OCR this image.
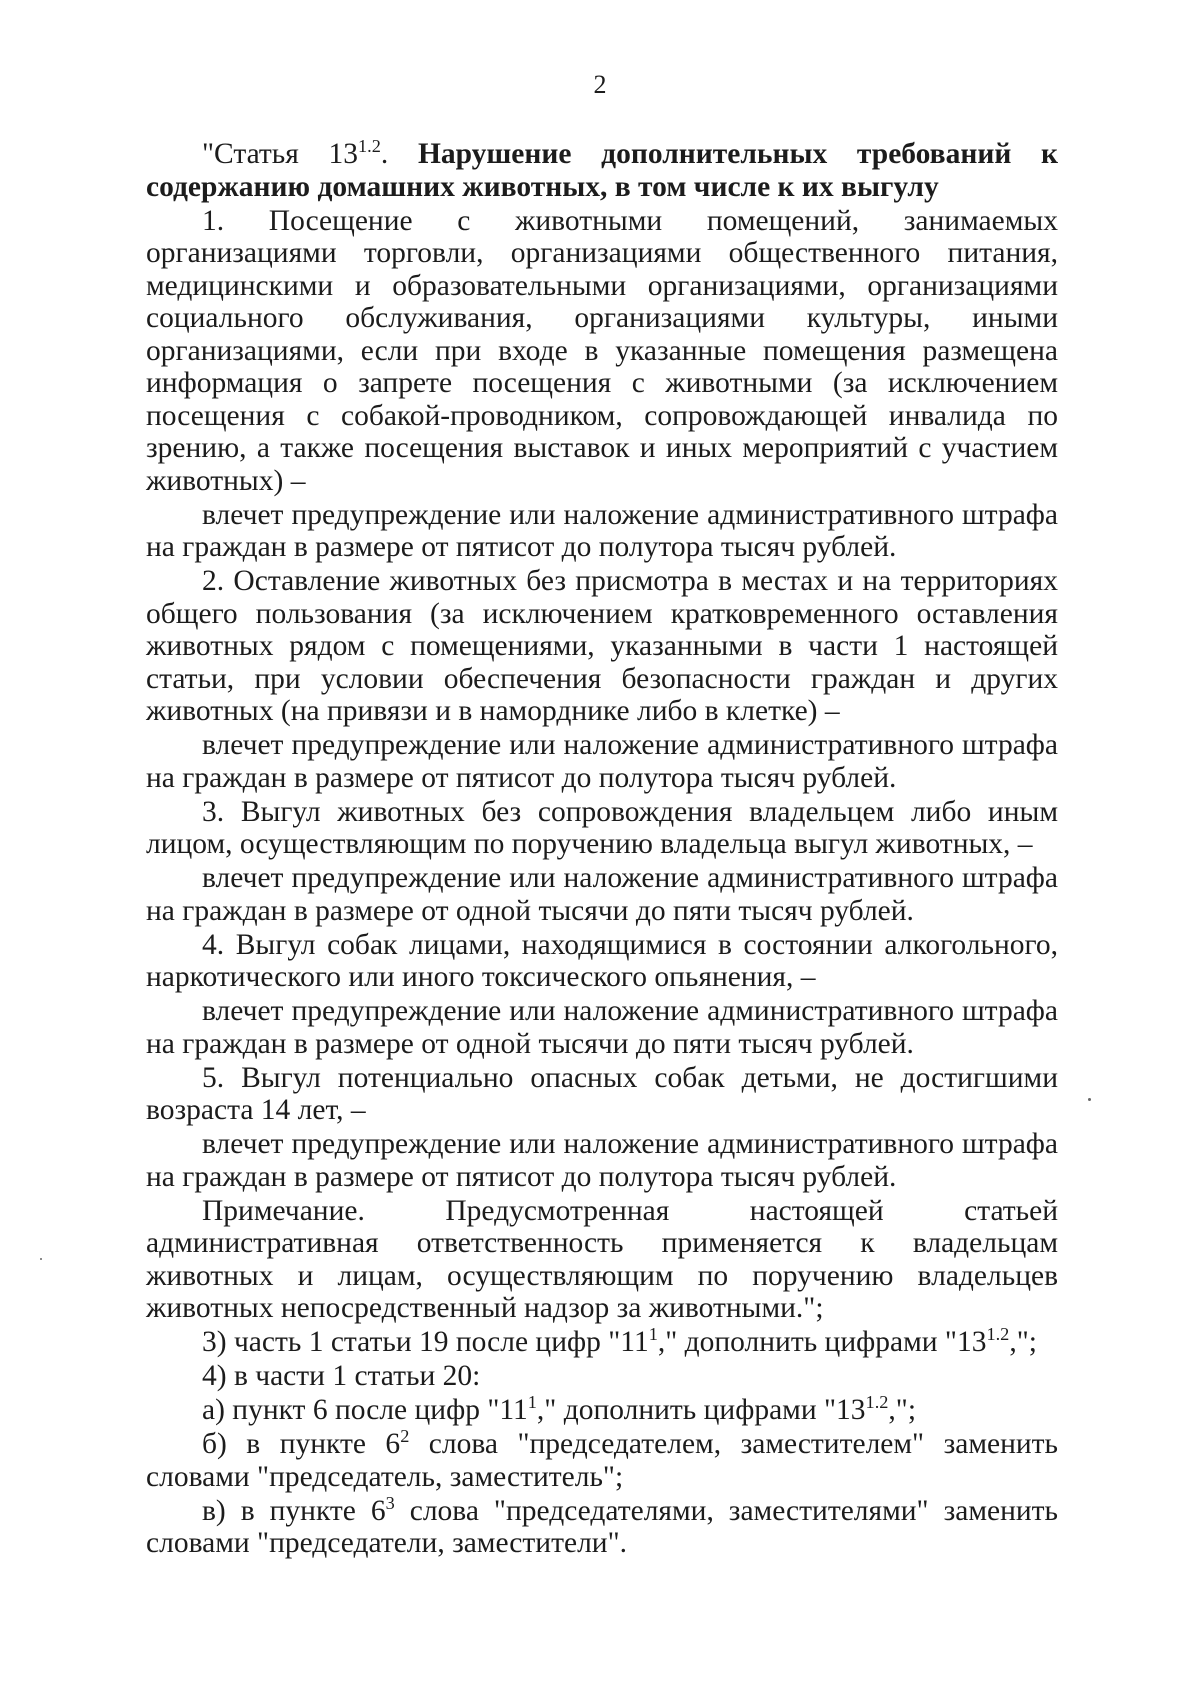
2

"Статья $13^{1.2}$. Нарушение дополнительных требований к содержанию домашних животных, в том числе к их выгулу

1. Посещение с животными помещений, занимаемых организациями торговли, организациями общественного питания, медицинскими и образовательными организациями, организациями социального обслуживания, организациями культуры, иными организациями, если при входе в указанные помещения размещена информация о запрете посещения с животными (за исключением посещения с собакой-проводником, сопровождающей инвалида по зрению, а также посещения выставок и иных мероприятий с участием животных) –

влечет предупреждение или наложение административного штрафа на граждан в размере от пятисот до полутора тысяч рублей.

2. Оставление животных без присмотра в местах и на территориях общего пользования (за исключением кратковременного оставления животных рядом с помещениями, указанными в части 1 настоящей статьи, при условии обеспечения безопасности граждан и других животных (на привязи и в наморднике либо в клетке) –

влечет предупреждение или наложение административного штрафа на граждан в размере от пятисот до полутора тысяч рублей.

3. Выгул животных без сопровождения владельцем либо иным лицом, осуществляющим по поручению владельца выгул животных, –

влечет предупреждение или наложение административного штрафа на граждан в размере от одной тысячи до пяти тысяч рублей.

4. Выгул собак лицами, находящимися в состоянии алкогольного, наркотического или иного токсического опьянения, –

влечет предупреждение или наложение административного штрафа на граждан в размере от одной тысячи до пяти тысяч рублей.

5. Выгул потенциально опасных собак детьми, не достигшими возраста 14 лет, –

влечет предупреждение или наложение административного штрафа на граждан в размере от пятисот до полутора тысяч рублей.

Примечание. Предусмотренная настоящей статьей административная ответственность применяется к владельцам животных и лицам, осуществляющим по поручению владельцев животных непосредственный надзор за животными.";

3) часть 1 статьи 19 после цифр "$11^1$," дополнить цифрами "$13^{1.2}$,";

4) в части 1 статьи 20:

а) пункт 6 после цифр "$11^1$," дополнить цифрами "$13^{1.2}$,";

б) в пункте $6^2$ слова "председателем, заместителем" заменить словами "председатель, заместитель";

в) в пункте $6^3$ слова "председателями, заместителями" заменить словами "председатели, заместители".
